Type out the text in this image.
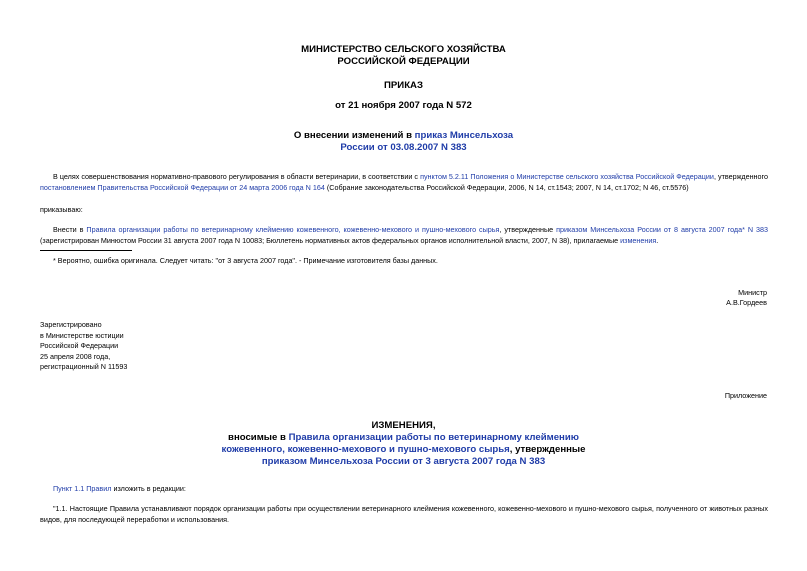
МИНИСТЕРСТВО СЕЛЬСКОГО ХОЗЯЙСТВА
РОССИЙСКОЙ ФЕДЕРАЦИИ
ПРИКАЗ
от 21 ноября 2007 года N 572
О внесении изменений в приказ Минсельхоза
России от 03.08.2007 N 383
В целях совершенствования нормативно-правового регулирования в области ветеринарии, в соответствии с пунктом 5.2.11 Положения о Министерстве сельского хозяйства Российской Федерации, утвержденного постановлением Правительства Российской Федерации от 24 марта 2006 года N 164 (Собрание законодательства Российской Федерации, 2006, N 14, ст.1543; 2007, N 14, ст.1702; N 46, ст.5576)
приказываю:
Внести в Правила организации работы по ветеринарному клеймению кожевенного, кожевенно-мехового и пушно-мехового сырья, утвержденные приказом Минсельхоза России от 8 августа 2007 года* N 383 (зарегистрирован Минюстом России 31 августа 2007 года N 10083; Бюллетень нормативных актов федеральных органов исполнительной власти, 2007, N 38), прилагаемые изменения.
* Вероятно, ошибка оригинала. Следует читать: "от 3 августа 2007 года". - Примечание изготовителя базы данных.
Министр
А.В.Гордеев
Зарегистрировано
в Министерстве юстиции
Российской Федерации
25 апреля 2008 года,
регистрационный N 11593
Приложение
ИЗМЕНЕНИЯ,
вносимые в Правила организации работы по ветеринарному клеймению
кожевенного, кожевенно-мехового и пушно-мехового сырья, утвержденные
приказом Минсельхоза России от 3 августа 2007 года N 383
Пункт 1.1 Правил изложить в редакции:
"1.1. Настоящие Правила устанавливают порядок организации работы при осуществлении ветеринарного клеймения кожевенного, кожевенно-мехового и пушно-мехового сырья, полученного от животных разных видов, для последующей переработки и использования.
